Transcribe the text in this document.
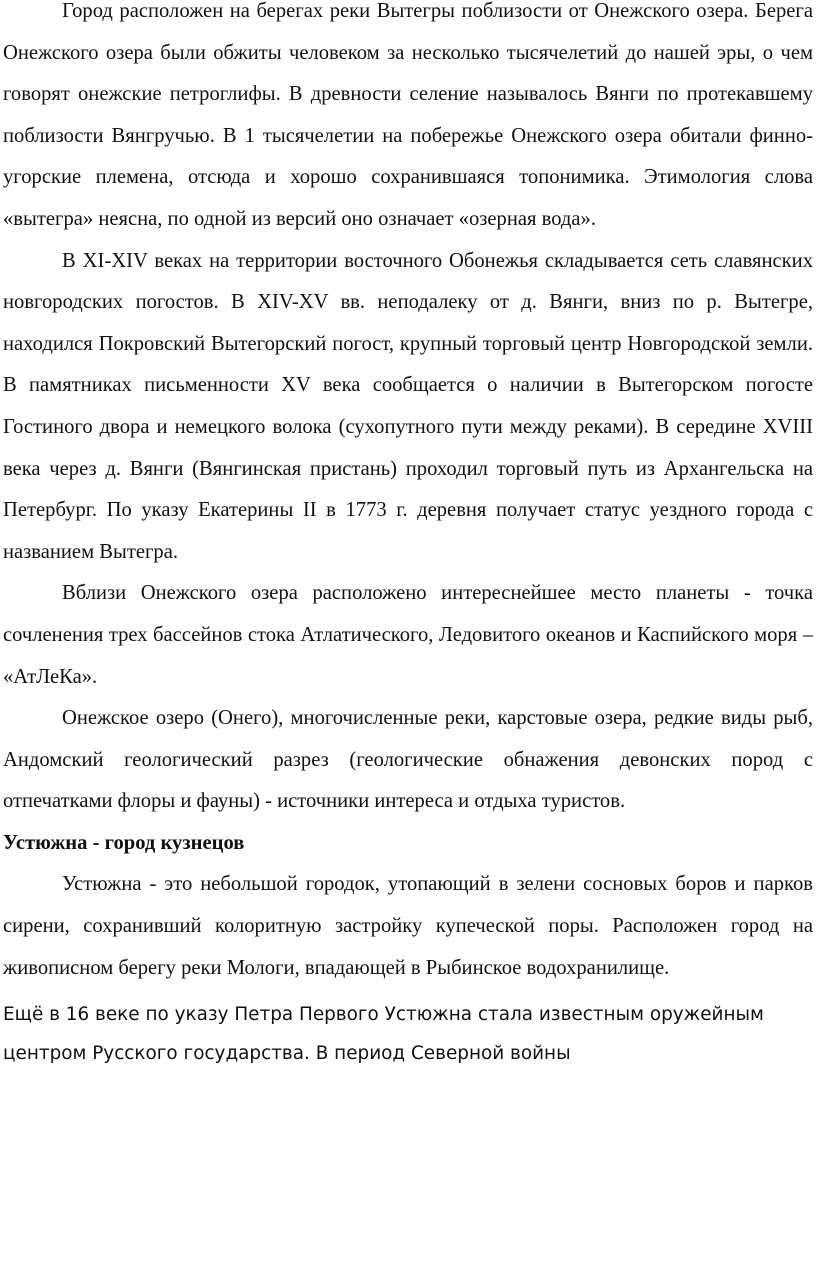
Город расположен на берегах реки Вытегры поблизости от Онежского озера. Берега Онежского озера были обжиты человеком за несколько тысячелетий до нашей эры, о чем говорят онежские петроглифы. В древности селение называлось Вянги по протекавшему поблизости Вянгручью. В 1 тысячелетии на побережье Онежского озера обитали финно-угорские племена, отсюда и хорошо сохранившаяся топонимика. Этимология слова «вытегра» неясна, по одной из версий оно означает «озерная вода».

В XI-XIV веках на территории восточного Обонежья складывается сеть славянских новгородских погостов. В XIV-XV вв. неподалеку от д. Вянги, вниз по р. Вытегре, находился Покровский Вытегорский погост, крупный торговый центр Новгородской земли. В памятниках письменности XV века сообщается о наличии в Вытегорском погосте Гостиного двора и немецкого волока (сухопутного пути между реками). В середине XVIII века через д. Вянги (Вянгинская пристань) проходил торговый путь из Архангельска на Петербург. По указу Екатерины II в 1773 г. деревня получает статус уездного города с названием Вытегра.

Вблизи Онежского озера расположено интереснейшее место планеты - точка сочленения трех бассейнов стока Атлатического, Ледовитого океанов и Каспийского моря – «АтЛеКа».

Онежское озеро (Онего), многочисленные реки, карстовые озера, редкие виды рыб, Андомский геологический разрез (геологические обнажения девонских пород с отпечатками флоры и фауны) - источники интереса и отдыха туристов.

Устюжна - город кузнецов

Устюжна - это небольшой городок, утопающий в зелени сосновых боров и парков сирени, сохранивший колоритную застройку купеческой поры. Расположен город на живописном берегу реки Мологи, впадающей в Рыбинское водохранилище.

Ещё в 16 веке по указу Петра Первого Устюжна стала известным оружейным центром Русского государства. В период Северной войны
